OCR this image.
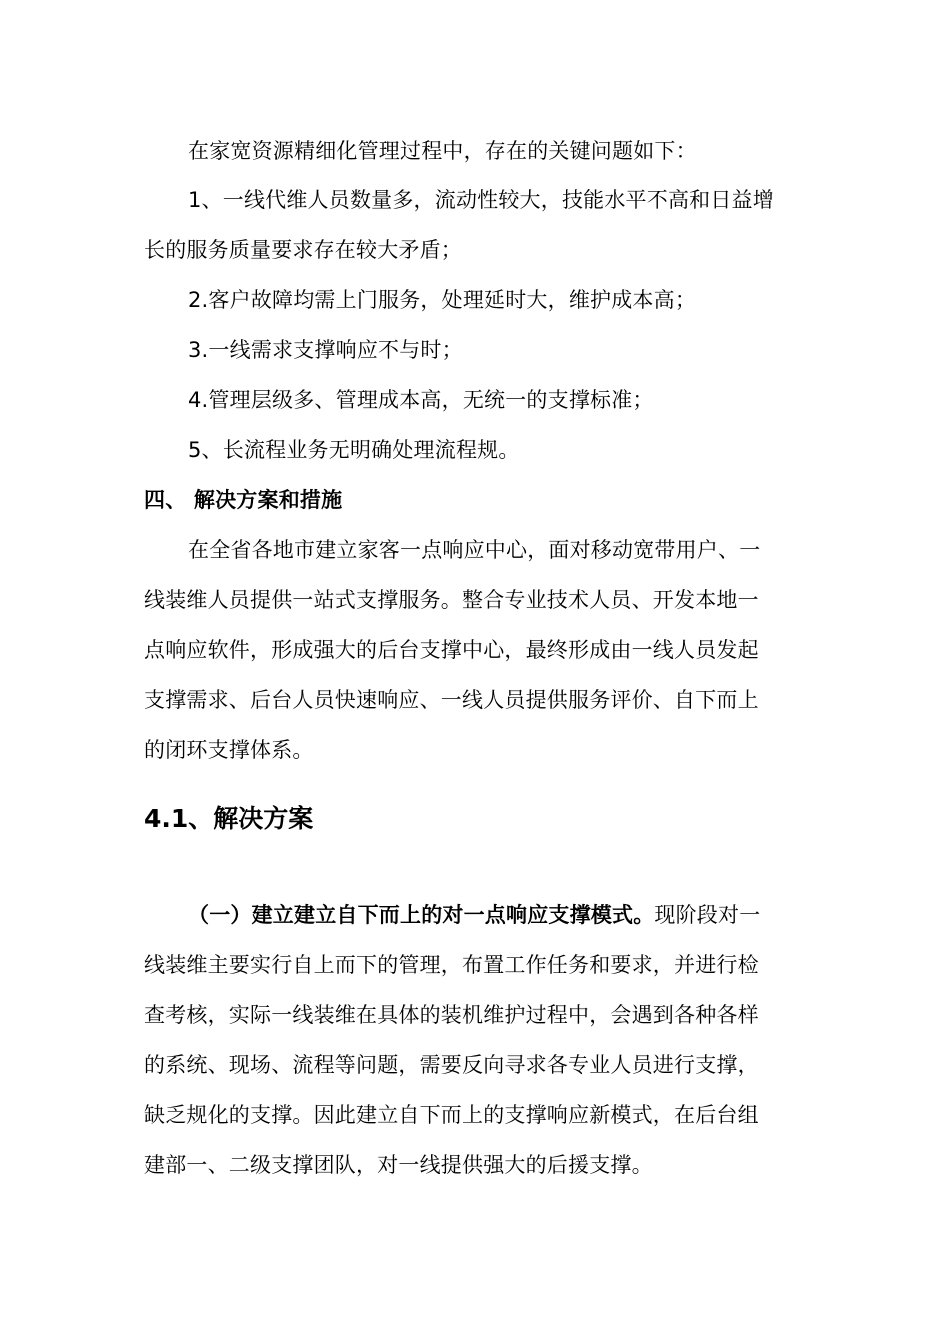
在家宽资源精细化管理过程中，存在的关键问题如下：
1、一线代维人员数量多，流动性较大，技能水平不高和日益增
长的服务质量要求存在较大矛盾；
2.客户故障均需上门服务，处理延时大，维护成本高；
3.一线需求支撑响应不与时；
4.管理层级多、管理成本高，无统一的支撑标准；
5、长流程业务无明确处理流程规。
四、 解决方案和措施
在全省各地市建立家客一点响应中心，面对移动宽带用户、一
线装维人员提供一站式支撑服务。整合专业技术人员、开发本地一
点响应软件，形成强大的后台支撑中心，最终形成由一线人员发起
支撑需求、后台人员快速响应、一线人员提供服务评价、自下而上
的闭环支撑体系。
4.1、解决方案
（一）建立建立自下而上的对一点响应支撑模式。现阶段对一
线装维主要实行自上而下的管理，布置工作任务和要求，并进行检
查考核，实际一线装维在具体的装机维护过程中，会遇到各种各样
的系统、现场、流程等问题，需要反向寻求各专业人员进行支撑，
缺乏规化的支撑。因此建立自下而上的支撑响应新模式，在后台组
建部一、二级支撑团队，对一线提供强大的后援支撑。
